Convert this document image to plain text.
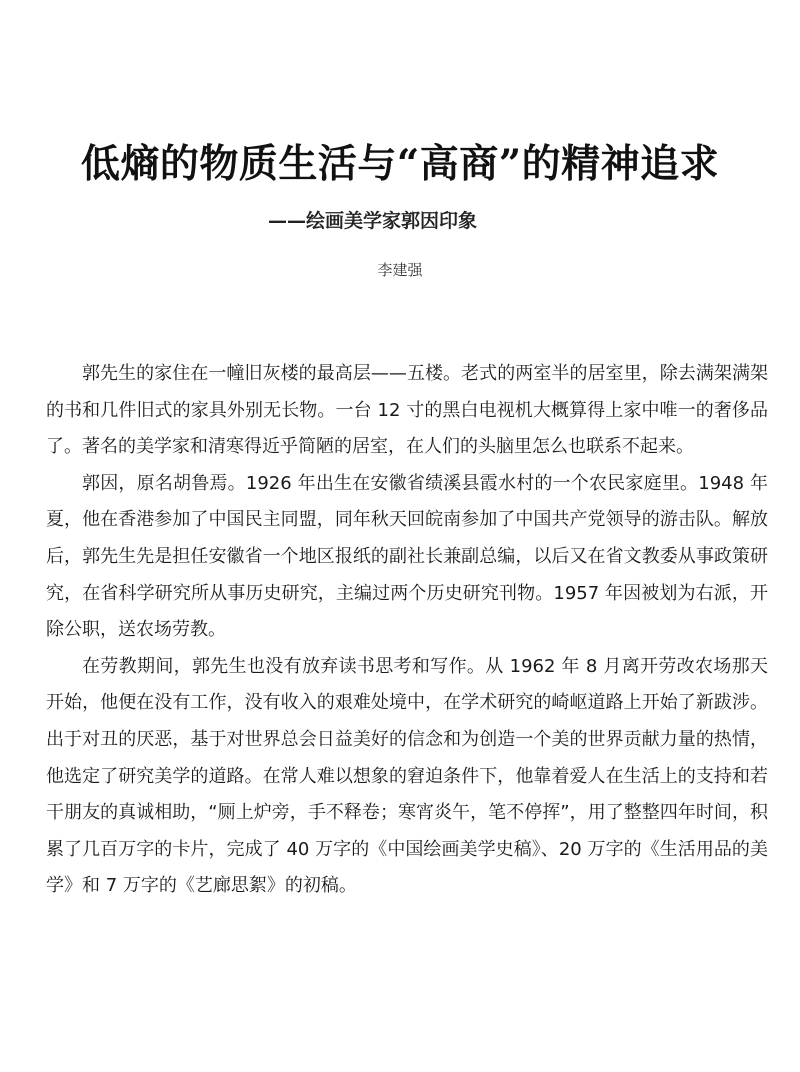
低熵的物质生活与“高商”的精神追求
——绘画美学家郭因印象
李建强

郭先生的家住在一幢旧灰楼的最高层——五楼。老式的两室半的居室里，除去满架满架的书和几件旧式的家具外别无长物。一台 12 寸的黑白电视机大概算得上家中唯一的奢侈品了。著名的美学家和清寒得近乎简陋的居室，在人们的头脑里怎么也联系不起来。

郭因，原名胡鲁焉。1926 年出生在安徽省绩溪县霞水村的一个农民家庭里。1948 年夏，他在香港参加了中国民主同盟，同年秋天回皖南参加了中国共产党领导的游击队。解放后，郭先生先是担任安徽省一个地区报纸的副社长兼副总编，以后又在省文教委从事政策研究，在省科学研究所从事历史研究，主编过两个历史研究刊物。1957 年因被划为右派，开除公职，送农场劳教。

在劳教期间，郭先生也没有放弃读书思考和写作。从 1962 年 8 月离开劳改农场那天开始，他便在没有工作，没有收入的艰难处境中，在学术研究的崎岖道路上开始了新跋涉。出于对丑的厌恶，基于对世界总会日益美好的信念和为创造一个美的世界贡献力量的热情，他选定了研究美学的道路。在常人难以想象的窘迫条件下，他靠着爱人在生活上的支持和若干朋友的真诚相助，“厕上炉旁，手不释卷；寒宵炎午，笔不停挥”，用了整整四年时间，积累了几百万字的卡片，完成了 40 万字的《中国绘画美学史稿》、20 万字的《生活用品的美学》和 7 万字的《艺廊思絮》的初稿。
